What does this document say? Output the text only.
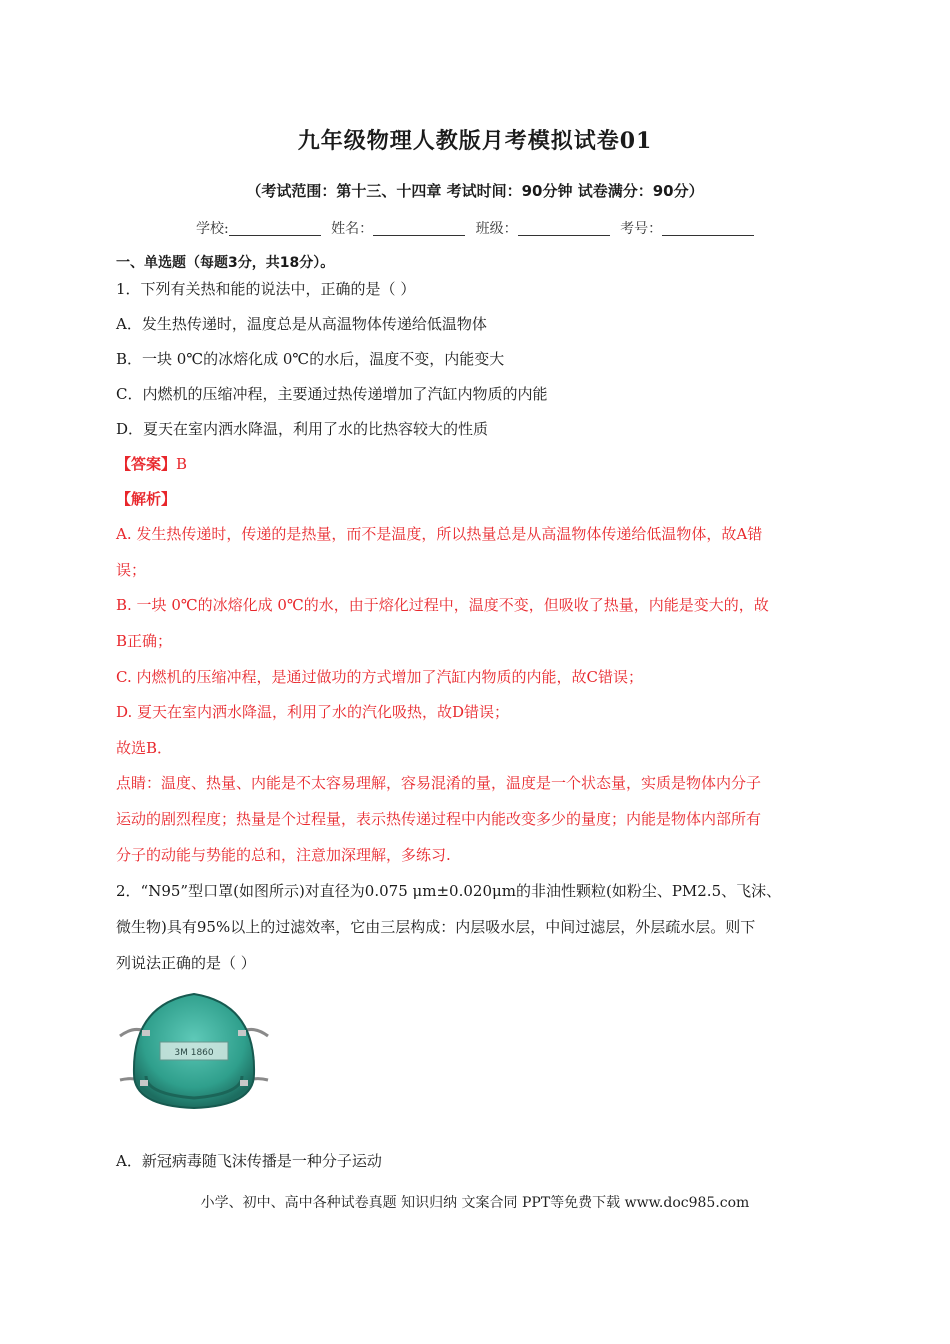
九年级物理人教版月考模拟试卷01
（考试范围：第十三、十四章 考试时间：90分钟 试卷满分：90分）
学校:	姓名：	班级：	考号：
一、单选题（每题3分，共18分）。
1．下列有关热和能的说法中，正确的是（ ）
A．发生热传递时，温度总是从高温物体传递给低温物体
B．一块 0℃的冰熔化成 0℃的水后，温度不变，内能变大
C．内燃机的压缩冲程，主要通过热传递增加了汽缸内物质的内能
D．夏天在室内洒水降温，利用了水的比热容较大的性质
【答案】B
【解析】
A. 发生热传递时，传递的是热量，而不是温度，所以热量总是从高温物体传递给低温物体，故A错
误；
B. 一块 0℃的冰熔化成 0℃的水，由于熔化过程中，温度不变，但吸收了热量，内能是变大的，故
B正确；
C. 内燃机的压缩冲程，是通过做功的方式增加了汽缸内物质的内能，故C错误；
D. 夏天在室内洒水降温，利用了水的汽化吸热，故D错误；
故选B．
点睛：温度、热量、内能是不太容易理解，容易混淆的量，温度是一个状态量，实质是物体内分子
运动的剧烈程度；热量是个过程量，表示热传递过程中内能改变多少的量度；内能是物体内部所有
分子的动能与势能的总和，注意加深理解，多练习.
2．“N95”型口罩(如图所示)对直径为0.075 μm±0.020μm的非油性颗粒(如粉尘、PM2.5、飞沫、
微生物)具有95%以上的过滤效率，它由三层构成：内层吸水层，中间过滤层，外层疏水层。则下
列说法正确的是（ ）
3M 1860
A．新冠病毒随飞沫传播是一种分子运动
小学、初中、高中各种试卷真题 知识归纳 文案合同 PPT等免费下载 www.doc985.com
